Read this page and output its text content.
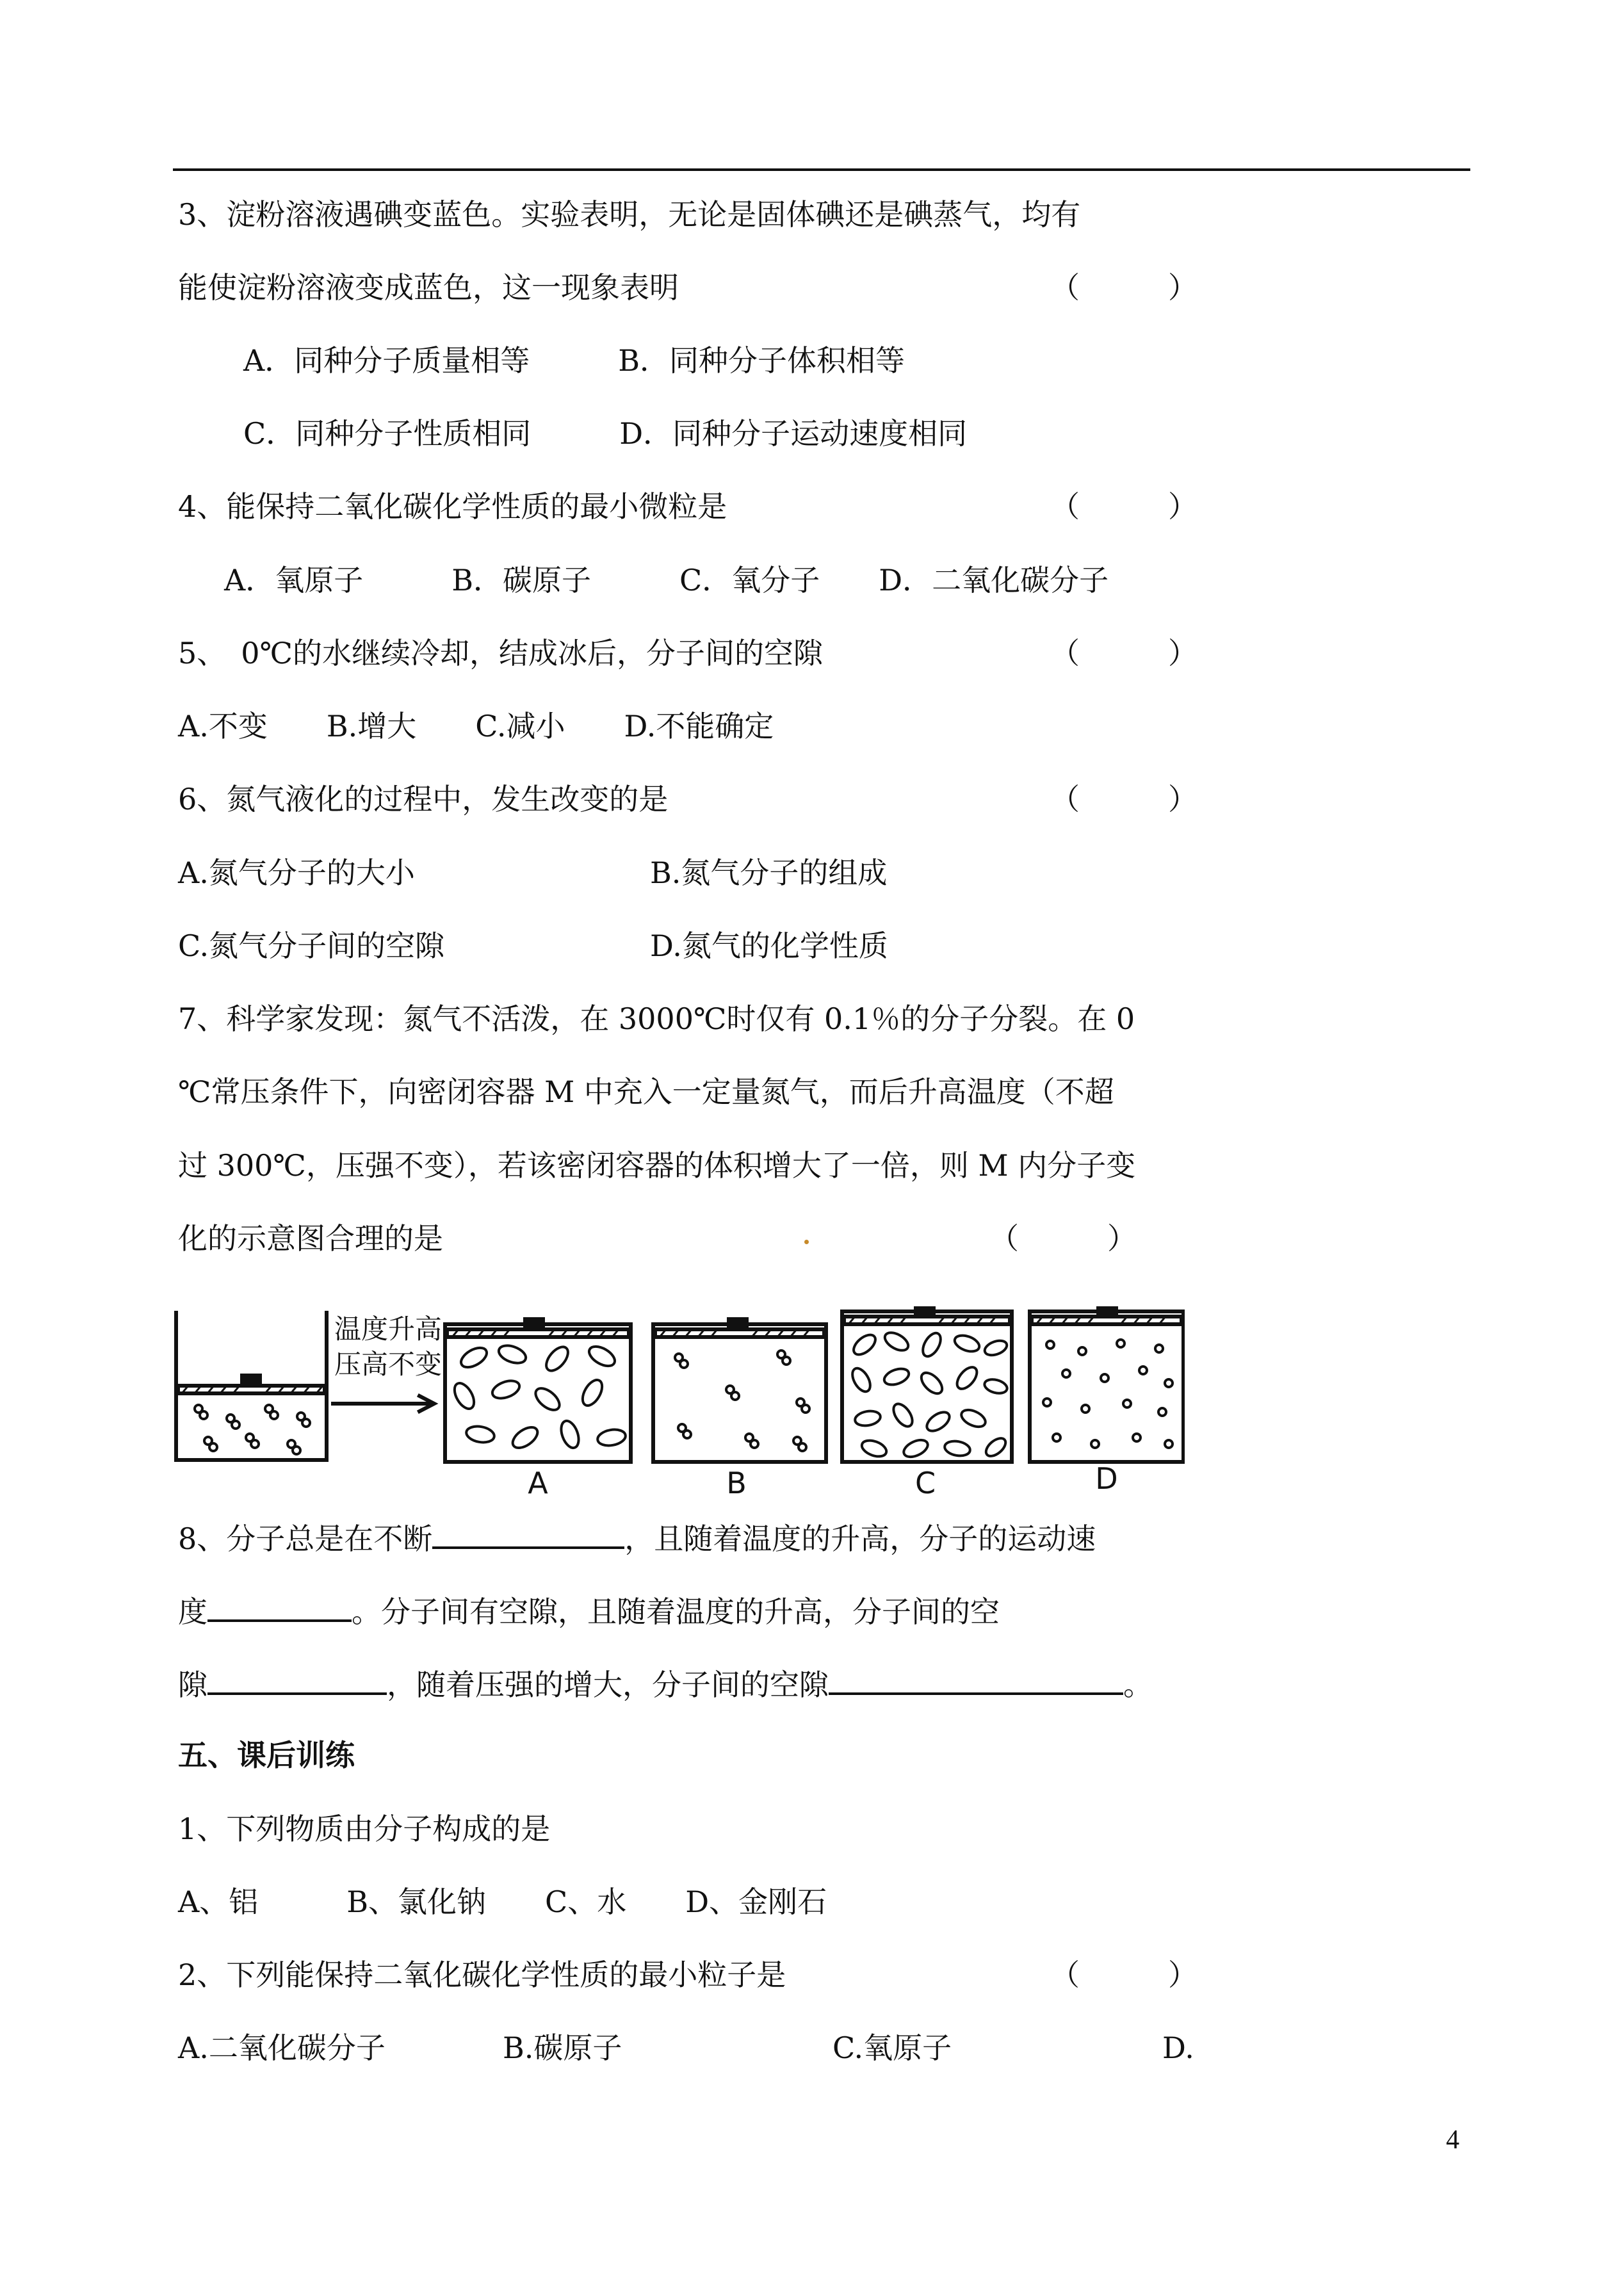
3、淀粉溶液遇碘变蓝色。实验表明，无论是固体碘还是碘蒸气，均有
能使淀粉溶液变成蓝色，这一现象表明	（　　　）
A．同种分子质量相等　　　B．同种分子体积相等
C．同种分子性质相同　　　D．同种分子运动速度相同
4、能保持二氧化碳化学性质的最小微粒是	（　　　）
A．氧原子　　　B．碳原子　　　C．氧分子　　D．二氧化碳分子
5、　0℃的水继续冷却，结成冰后，分子间的空隙	（　　　）
A.不变　　B.增大　　C.减小　　D.不能确定
6、氮气液化的过程中，发生改变的是	（　　　）
A.氮气分子的大小	B.氮气分子的组成
C.氮气分子间的空隙	D.氮气的化学性质
7、科学家发现：氮气不活泼，在 3000℃时仅有 0.1％的分子分裂。在 0
℃常压条件下，向密闭容器 M 中充入一定量氮气，而后升高温度（不超
过 300℃，压强不变），若该密闭容器的体积增大了一倍，则 M 内分子变
化的示意图合理的是	（　　　）
温度升高
压高不变
A	B	C	D
8、分子总是在不断	，且随着温度的升高，分子的运动速
度	。分子间有空隙，且随着温度的升高，分子间的空
隙	，随着压强的增大，分子间的空隙	。
五、课后训练
1、下列物质由分子构成的是
A、铝　　　B、氯化钠　　C、水　　D、金刚石
2、下列能保持二氧化碳化学性质的最小粒子是	（　　　）
A.二氧化碳分子	B.碳原子	C.氧原子	D.
4
